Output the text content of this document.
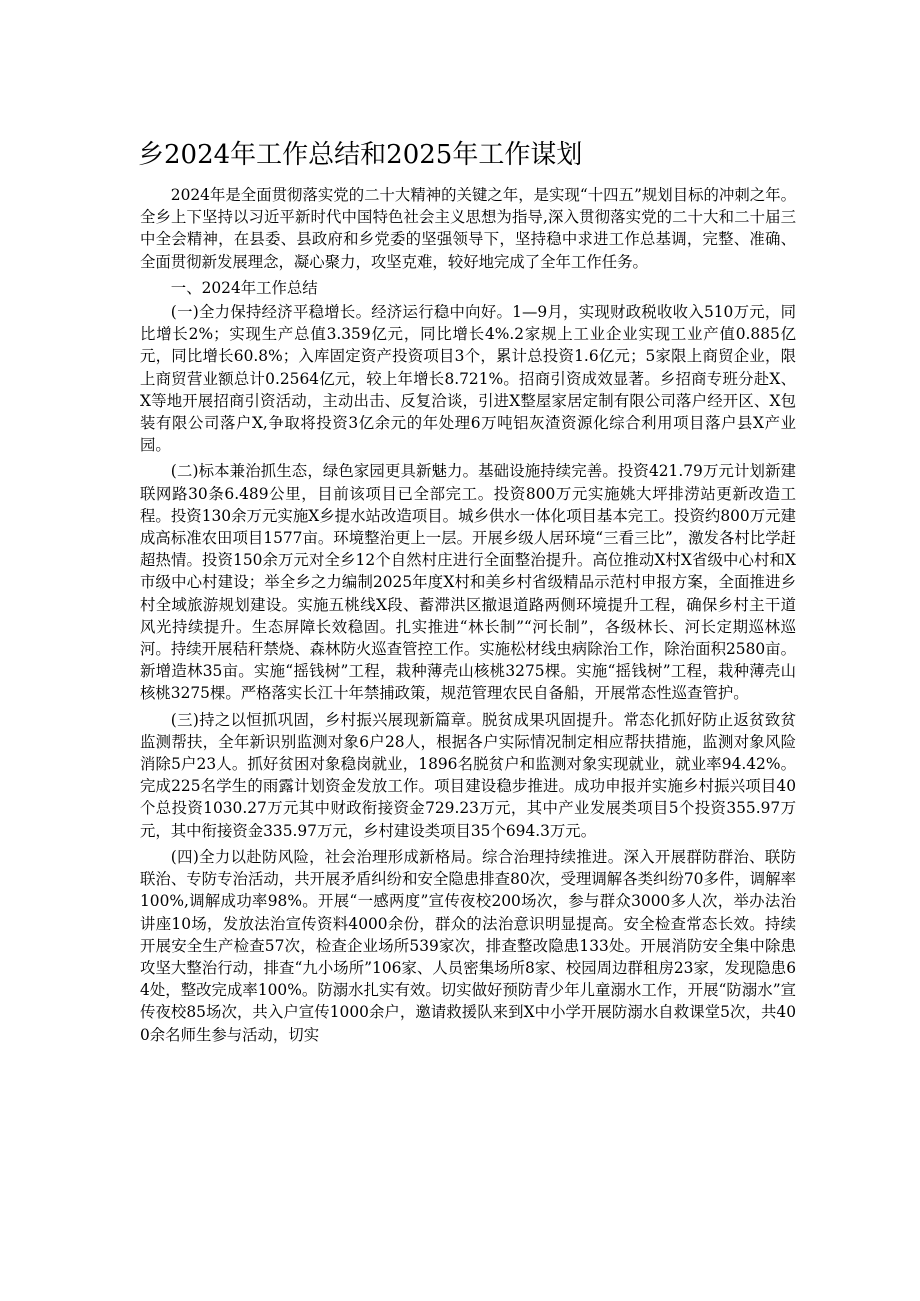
乡2024年工作总结和2025年工作谋划

2024年是全面贯彻落实党的二十大精神的关键之年，是实现“十四五”规划目标的冲刺之年。全乡上下坚持以习近平新时代中国特色社会主义思想为指导,深入贯彻落实党的二十大和二十届三中全会精神，在县委、县政府和乡党委的坚强领导下，坚持稳中求进工作总基调，完整、准确、全面贯彻新发展理念，凝心聚力，攻坚克难，较好地完成了全年工作任务。

一、2024年工作总结

(一)全力保持经济平稳增长。经济运行稳中向好。1—9月，实现财政税收收入510万元，同比增长2%；实现生产总值3.359亿元，同比增长4%.2家规上工业企业实现工业产值0.885亿元，同比增长60.8%；入库固定资产投资项目3个，累计总投资1.6亿元；5家限上商贸企业，限上商贸营业额总计0.2564亿元，较上年增长8.721%。招商引资成效显著。乡招商专班分赴X、X等地开展招商引资活动，主动出击、反复洽谈，引进X整屋家居定制有限公司落户经开区、X包装有限公司落户X,争取将投资3亿余元的年处理6万吨铝灰渣资源化综合利用项目落户县X产业园。

(二)标本兼治抓生态，绿色家园更具新魅力。基础设施持续完善。投资421.79万元计划新建联网路30条6.489公里，目前该项目已全部完工。投资800万元实施姚大坪排涝站更新改造工程。投资130余万元实施X乡提水站改造项目。城乡供水一体化项目基本完工。投资约800万元建成高标准农田项目1577亩。环境整治更上一层。开展乡级人居环境“三看三比”，激发各村比学赶超热情。投资150余万元对全乡12个自然村庄进行全面整治提升。高位推动X村X省级中心村和X市级中心村建设；举全乡之力编制2025年度X村和美乡村省级精品示范村申报方案，全面推进乡村全域旅游规划建设。实施五桃线X段、蓄滞洪区撤退道路两侧环境提升工程，确保乡村主干道风光持续提升。生态屏障长效稳固。扎实推进“林长制”“河长制”，各级林长、河长定期巡林巡河。持续开展秸秆禁烧、森林防火巡查管控工作。实施松材线虫病除治工作，除治面积2580亩。新增造林35亩。实施“摇钱树”工程，栽种薄壳山核桃3275棵。实施“摇钱树”工程，栽种薄壳山核桃3275棵。严格落实长江十年禁捕政策，规范管理农民自备船，开展常态性巡查管护。

(三)持之以恒抓巩固，乡村振兴展现新篇章。脱贫成果巩固提升。常态化抓好防止返贫致贫监测帮扶，全年新识别监测对象6户28人，根据各户实际情况制定相应帮扶措施，监测对象风险消除5户23人。抓好贫困对象稳岗就业，1896名脱贫户和监测对象实现就业，就业率94.42%。完成225名学生的雨露计划资金发放工作。项目建设稳步推进。成功申报并实施乡村振兴项目40个总投资1030.27万元其中财政衔接资金729.23万元，其中产业发展类项目5个投资355.97万元，其中衔接资金335.97万元，乡村建设类项目35个694.3万元。

(四)全力以赴防风险，社会治理形成新格局。综合治理持续推进。深入开展群防群治、联防联治、专防专治活动，共开展矛盾纠纷和安全隐患排查80次，受理调解各类纠纷70多件，调解率100%,调解成功率98%。开展“一感两度”宣传夜校200场次，参与群众3000多人次，举办法治讲座10场，发放法治宣传资料4000余份，群众的法治意识明显提高。安全检查常态长效。持续开展安全生产检查57次，检查企业场所539家次，排查整改隐患133处。开展消防安全集中除患攻坚大整治行动，排查“九小场所”106家、人员密集场所8家、校园周边群租房23家，发现隐患64处，整改完成率100%。防溺水扎实有效。切实做好预防青少年儿童溺水工作，开展“防溺水”宣传夜校85场次，共入户宣传1000余户，邀请救援队来到X中小学开展防溺水自救课堂5次，共400余名师生参与活动，切实
